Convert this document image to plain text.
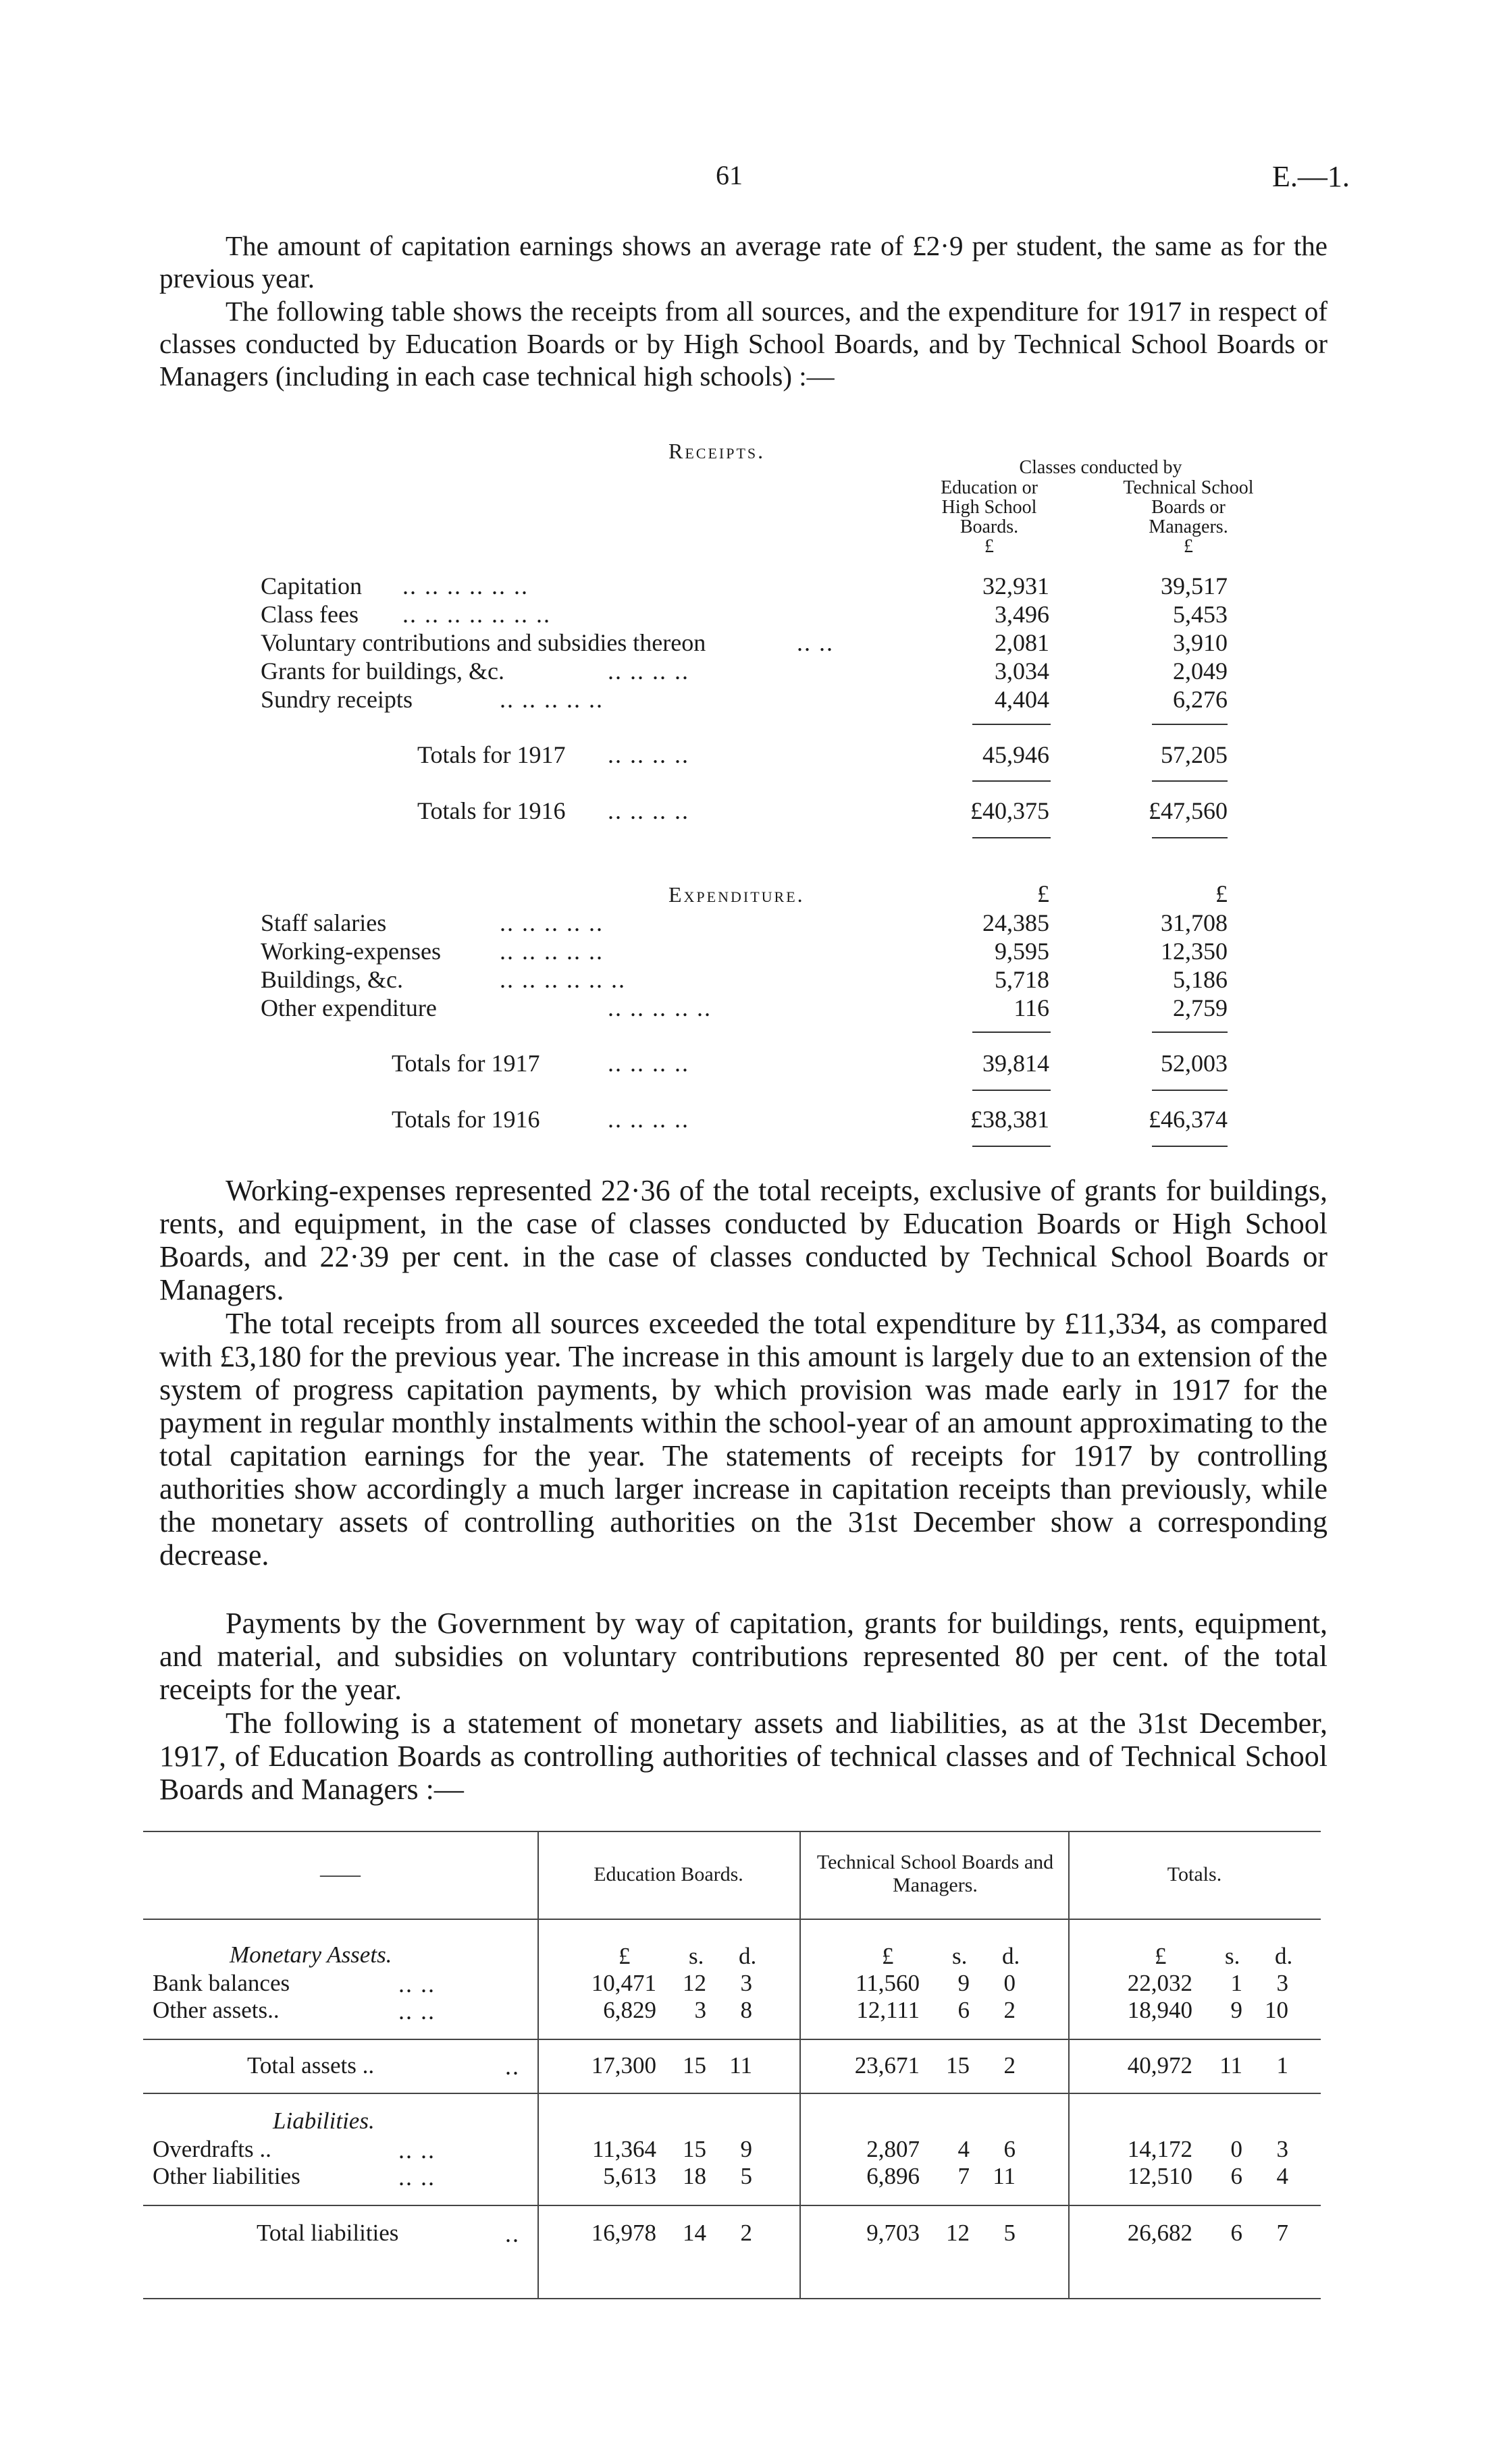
61	E.—1.
The amount of capitation earnings shows an average rate of £2·9 per student, the same as for the previous year.
The following table shows the receipts from all sources, and the expenditure for 1917 in respect of classes conducted by Education Boards or by High School Boards, and by Technical School Boards or Managers (including in each case technical high schools) :—
Receipts.
Classes conducted by
Education or
High School
Boards.
£
Technical School
Boards or
Managers.
£
Capitation .. .. .. .. .. ..	32,931	39,517
Class fees .. .. .. .. .. .. ..	3,496	5,453
Voluntary contributions and subsidies thereon	.. ..	2,081	3,910
Grants for buildings, &c.	.. .. .. ..	3,034	2,049
Sundry receipts	.. .. .. .. ..	4,404	6,276
Totals for 1917 .. .. .. ..	45,946	57,205
Totals for 1916 .. .. .. ..	£40,375	£47,560
Expenditure.	£	£
Staff salaries	.. .. .. .. ..	24,385	31,708
Working-expenses .. .. .. .. ..	9,595	12,350
Buildings, &c.	.. .. .. .. .. ..	5,718	5,186
Other expenditure	.. .. .. .. ..	116	2,759
Totals for 1917	.. .. .. ..	39,814	52,003
Totals for 1916	.. .. .. ..	£38,381	£46,374
Working-expenses represented 22·36 of the total receipts, exclusive of grants for buildings, rents, and equipment, in the case of classes conducted by Education Boards or High School Boards, and 22·39 per cent. in the case of classes conducted by Technical School Boards or Managers.
The total receipts from all sources exceeded the total expenditure by £11,334, as compared with £3,180 for the previous year. The increase in this amount is largely due to an extension of the system of progress capitation payments, by which provision was made early in 1917 for the payment in regular monthly instalments within the school-year of an amount approximating to the total capitation earnings for the year. The statements of receipts for 1917 by controlling authorities show accordingly a much larger increase in capitation receipts than previously, while the monetary assets of controlling authorities on the 31st December show a corresponding decrease.
Payments by the Government by way of capitation, grants for buildings, rents, equipment, and material, and subsidies on voluntary contributions represented 80 per cent. of the total receipts for the year.
The following is a statement of monetary assets and liabilities, as at the 31st December, 1917, of Education Boards as controlling authorities of technical classes and of Technical School Boards and Managers :—
——	Education Boards.
Technical School Boards and Managers.	Totals.
Monetary Assets.	£ s. d.	£ s. d.	£ s. d.
Bank balances	.. ..	10,471	12	3	11,560	9	0	22,032	1	3
Other assets..	.. ..	6,829	3	8	12,111	6	2	18,940	9 10
Total assets ..	..	17,300	15 11	23,671	15	2	40,972	11	1
Liabilities.
Overdrafts ..	.. ..	11,364	15	9	2,807	4	6	14,172	0	3
Other liabilities	.. ..	5,613	18	5	6,896	7 11	12,510	6	4
Total liabilities	..	16,978	14	2	9,703	12	5	26,682	6	7
